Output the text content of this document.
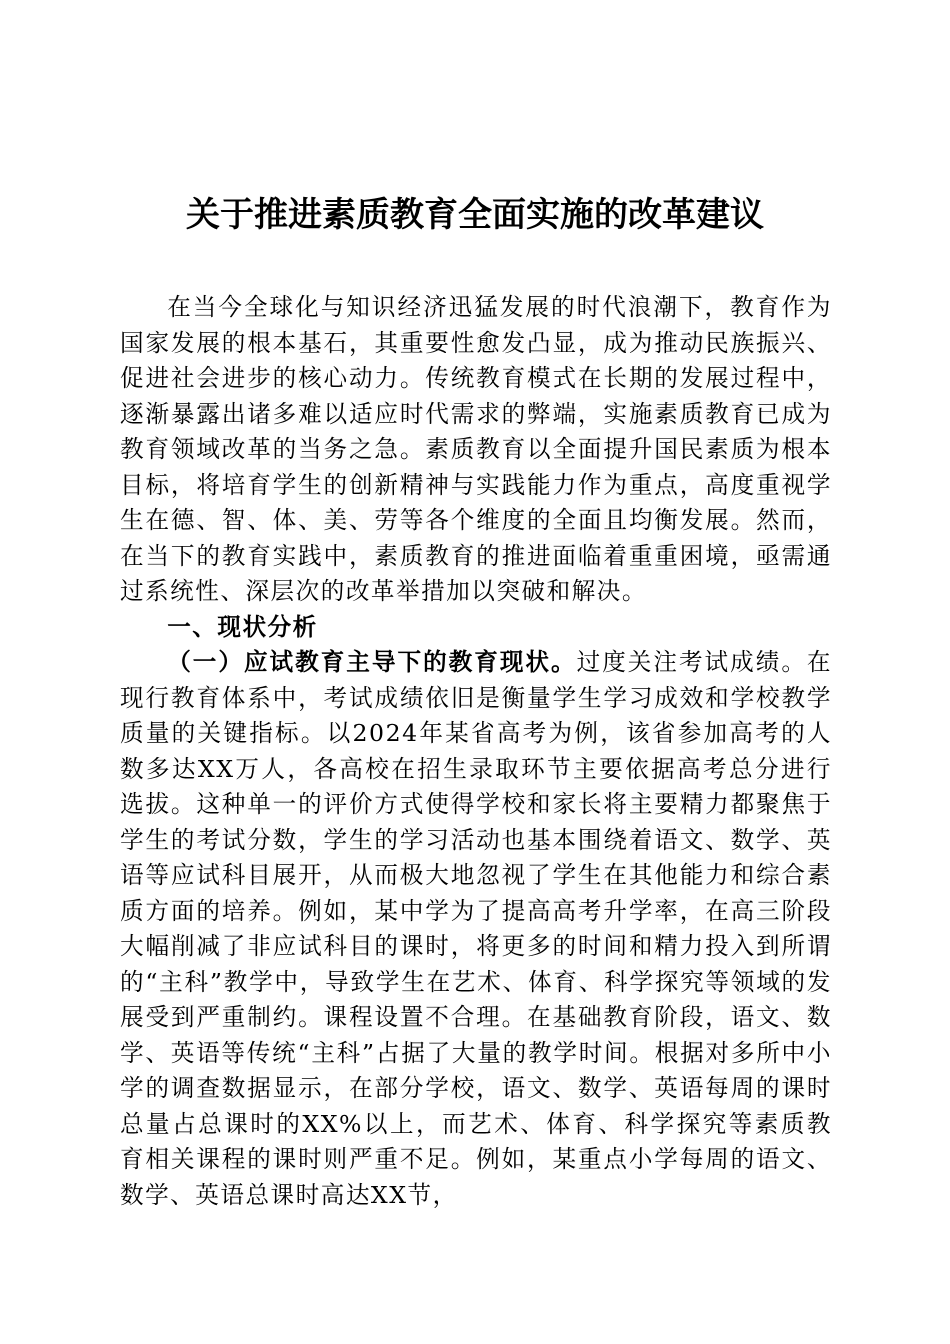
关于推进素质教育全面实施的改革建议

在当今全球化与知识经济迅猛发展的时代浪潮下，教育作为国家发展的根本基石，其重要性愈发凸显，成为推动民族振兴、促进社会进步的核心动力。传统教育模式在长期的发展过程中，逐渐暴露出诸多难以适应时代需求的弊端，实施素质教育已成为教育领域改革的当务之急。素质教育以全面提升国民素质为根本目标，将培育学生的创新精神与实践能力作为重点，高度重视学生在德、智、体、美、劳等各个维度的全面且均衡发展。然而，在当下的教育实践中，素质教育的推进面临着重重困境，亟需通过系统性、深层次的改革举措加以突破和解决。

一、现状分析

（一）应试教育主导下的教育现状。过度关注考试成绩。在现行教育体系中，考试成绩依旧是衡量学生学习成效和学校教学质量的关键指标。以2024年某省高考为例，该省参加高考的人数多达XX万人，各高校在招生录取环节主要依据高考总分进行选拔。这种单一的评价方式使得学校和家长将主要精力都聚焦于学生的考试分数，学生的学习活动也基本围绕着语文、数学、英语等应试科目展开，从而极大地忽视了学生在其他能力和综合素质方面的培养。例如，某中学为了提高高考升学率，在高三阶段大幅削减了非应试科目的课时，将更多的时间和精力投入到所谓的“主科”教学中，导致学生在艺术、体育、科学探究等领域的发展受到严重制约。课程设置不合理。在基础教育阶段，语文、数学、英语等传统“主科”占据了大量的教学时间。根据对多所中小学的调查数据显示，在部分学校，语文、数学、英语每周的课时总量占总课时的XX%以上，而艺术、体育、科学探究等素质教育相关课程的课时则严重不足。例如，某重点小学每周的语文、数学、英语总课时高达XX节，
